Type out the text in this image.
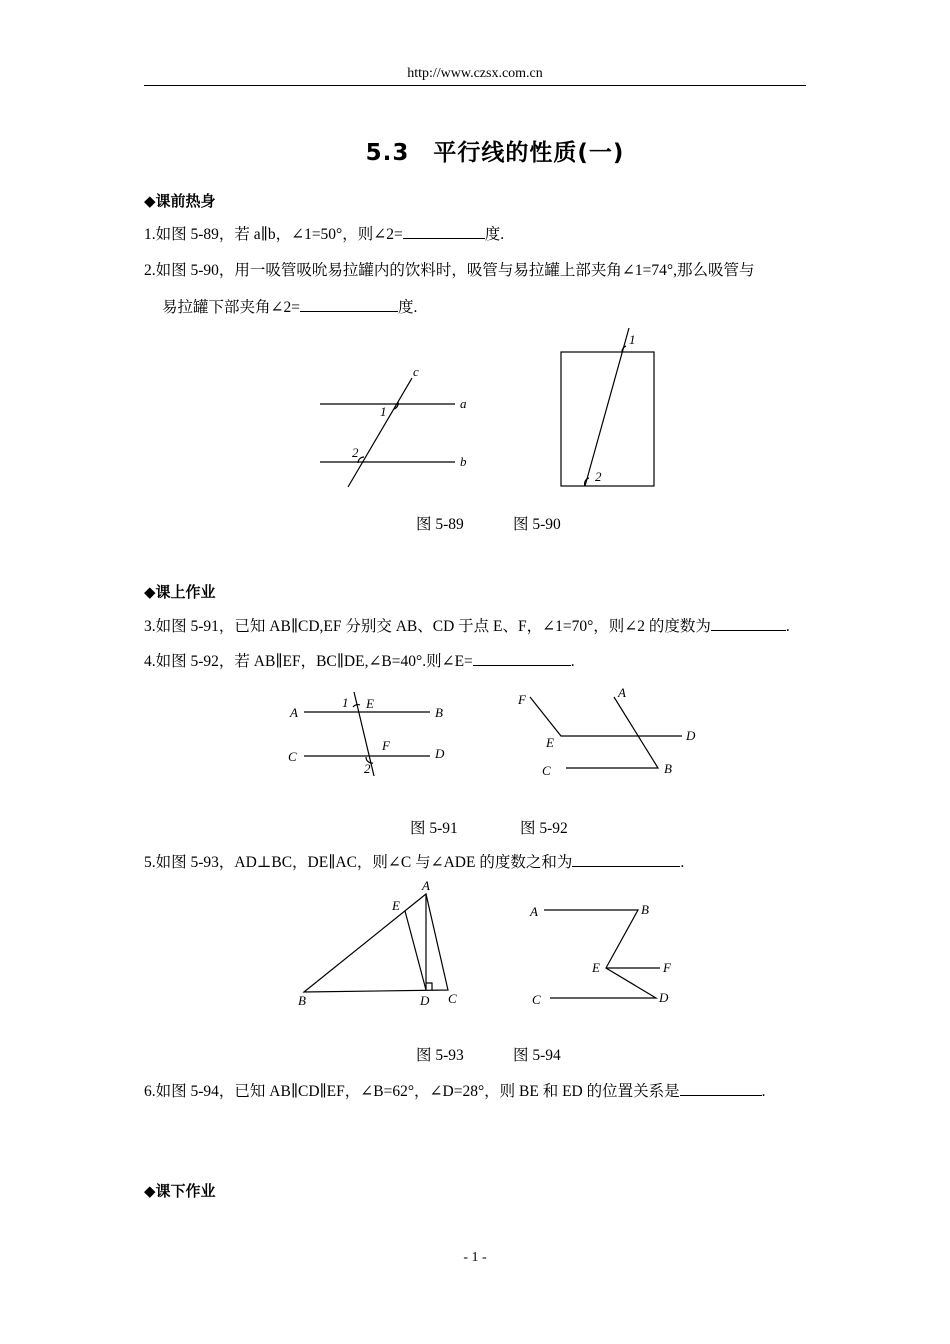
http://www.czsx.com.cn
5.3　平行线的性质(一)
◆课前热身
1.如图 5-89，若 a∥b，∠1=50°，则∠2=	度.
2.如图 5-90，用一吸管吸吮易拉罐内的饮料时，吸管与易拉罐上部夹角∠1=74°,那么吸管与
易拉罐下部夹角∠2=	度.
c
a
b
1
2
1
2
图 5-89	图 5-90
◆课上作业
3.如图 5-91，已知 AB∥CD,EF 分别交 AB、CD 于点 E、F，∠1=70°，则∠2 的度数为	.
4.如图 5-92，若 AB∥EF，BC∥DE,∠B=40°.则∠E=	.
A	B
C	D
E
F
1
2
F	A
E	D
C	B
图 5-91	图 5-92
5.如图 5-93，AD⊥BC，DE∥AC，则∠C 与∠ADE 的度数之和为	.
A
E
B	D C
A	B
E	F
C	D
图 5-93	图 5-94
6.如图 5-94，已知 AB∥CD∥EF，∠B=62°，∠D=28°，则 BE 和 ED 的位置关系是	.
◆课下作业
- 1 -
